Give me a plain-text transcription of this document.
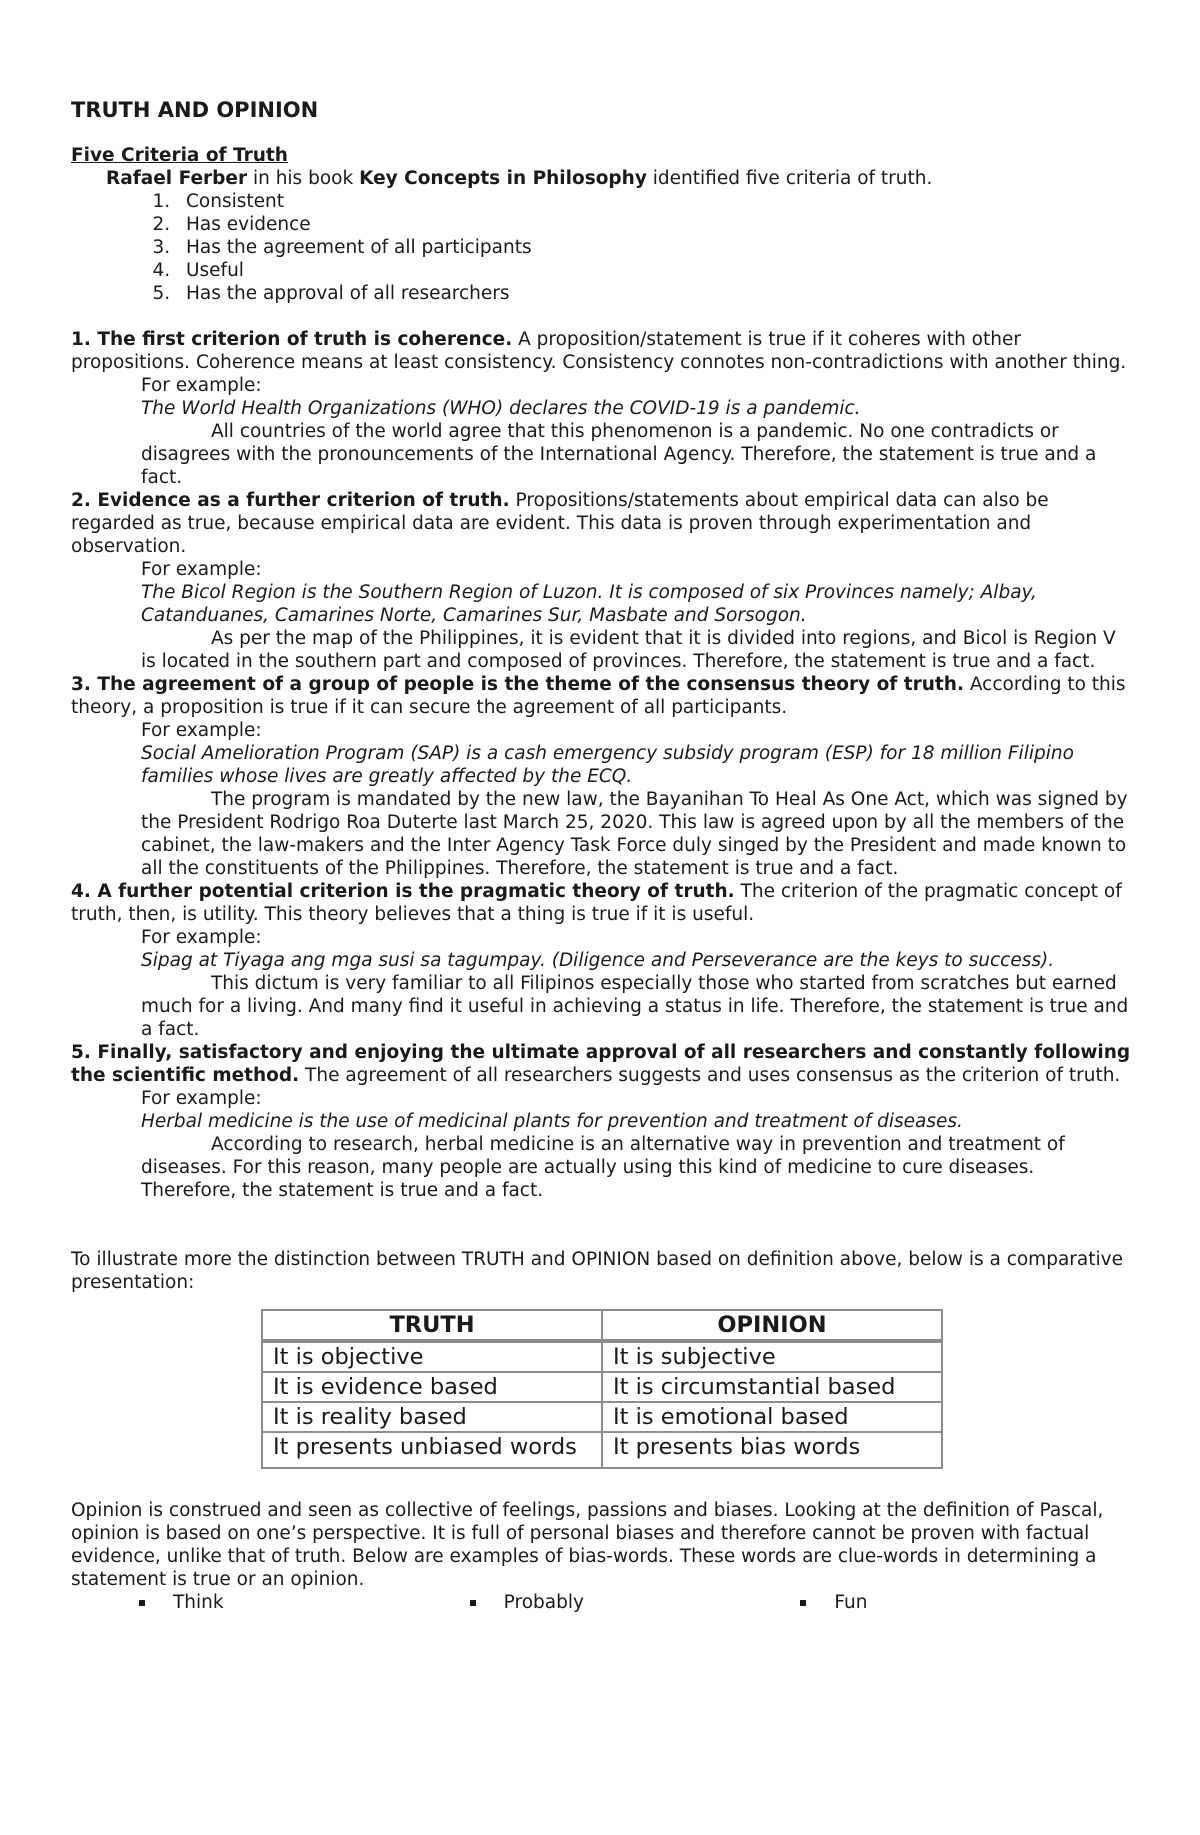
TRUTH AND OPINION

Five Criteria of Truth

Rafael Ferber in his book Key Concepts in Philosophy identified five criteria of truth.

1. Consistent
2. Has evidence
3. Has the agreement of all participants
4. Useful
5. Has the approval of all researchers

1. The first criterion of truth is coherence. A proposition/statement is true if it coheres with other propositions. Coherence means at least consistency. Consistency connotes non-contradictions with another thing.

For example:

The World Health Organizations (WHO) declares the COVID-19 is a pandemic.

All countries of the world agree that this phenomenon is a pandemic. No one contradicts or disagrees with the pronouncements of the International Agency. Therefore, the statement is true and a fact.

2. Evidence as a further criterion of truth. Propositions/statements about empirical data can also be regarded as true, because empirical data are evident. This data is proven through experimentation and observation.

For example:

The Bicol Region is the Southern Region of Luzon. It is composed of six Provinces namely; Albay, Catanduanes, Camarines Norte, Camarines Sur, Masbate and Sorsogon.

As per the map of the Philippines, it is evident that it is divided into regions, and Bicol is Region V is located in the southern part and composed of provinces. Therefore, the statement is true and a fact.

3. The agreement of a group of people is the theme of the consensus theory of truth. According to this theory, a proposition is true if it can secure the agreement of all participants.

For example:

Social Amelioration Program (SAP) is a cash emergency subsidy program (ESP) for 18 million Filipino families whose lives are greatly affected by the ECQ.

The program is mandated by the new law, the Bayanihan To Heal As One Act, which was signed by the President Rodrigo Roa Duterte last March 25, 2020. This law is agreed upon by all the members of the cabinet, the law-makers and the Inter Agency Task Force duly singed by the President and made known to all the constituents of the Philippines. Therefore, the statement is true and a fact.

4. A further potential criterion is the pragmatic theory of truth. The criterion of the pragmatic concept of truth, then, is utility. This theory believes that a thing is true if it is useful.

For example:

Sipag at Tiyaga ang mga susi sa tagumpay. (Diligence and Perseverance are the keys to success).

This dictum is very familiar to all Filipinos especially those who started from scratches but earned much for a living. And many find it useful in achieving a status in life. Therefore, the statement is true and a fact.

5. Finally, satisfactory and enjoying the ultimate approval of all researchers and constantly following the scientific method. The agreement of all researchers suggests and uses consensus as the criterion of truth.

For example:

Herbal medicine is the use of medicinal plants for prevention and treatment of diseases.

According to research, herbal medicine is an alternative way in prevention and treatment of diseases. For this reason, many people are actually using this kind of medicine to cure diseases. Therefore, the statement is true and a fact.

To illustrate more the distinction between TRUTH and OPINION based on definition above, below is a comparative presentation:

TRUTH	OPINION
It is objective	It is subjective
It is evidence based	It is circumstantial based
It is reality based	It is emotional based
It presents unbiased words	It presents bias words

Opinion is construed and seen as collective of feelings, passions and biases. Looking at the definition of Pascal, opinion is based on one’s perspective. It is full of personal biases and therefore cannot be proven with factual evidence, unlike that of truth. Below are examples of bias-words. These words are clue-words in determining a statement is true or an opinion.

Think	Probably	Fun
